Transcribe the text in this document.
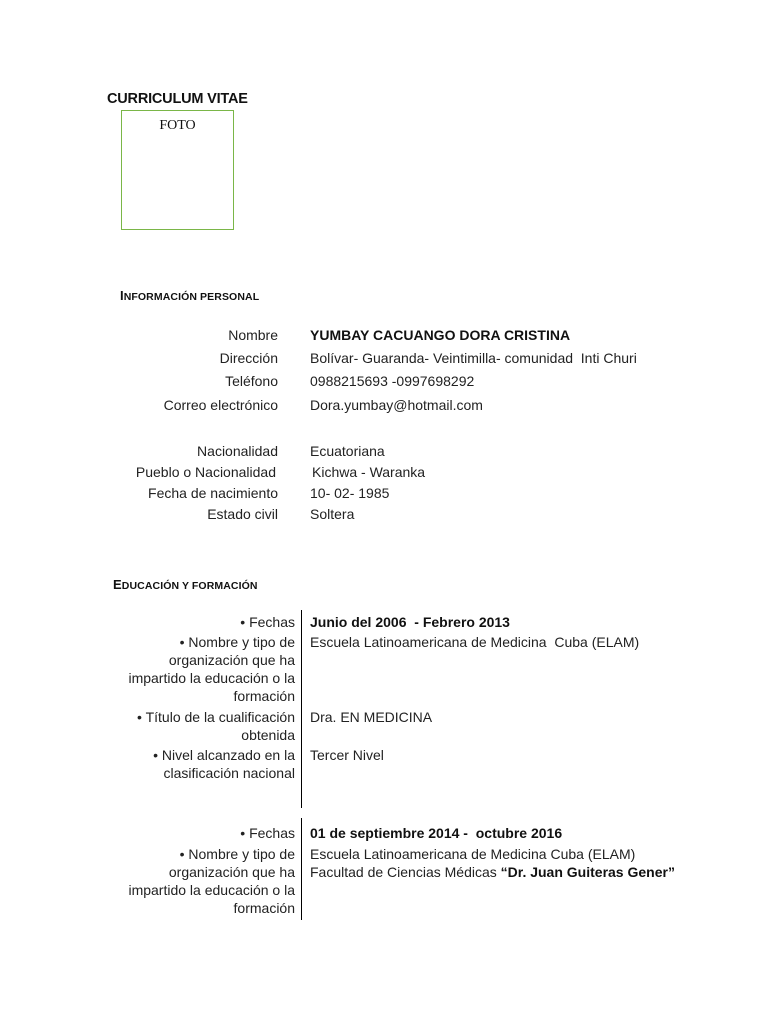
CURRICULUM VITAE
FOTO
INFORMACIÓN PERSONAL
Nombre YUMBAY CACUANGO DORA CRISTINA
Dirección Bolívar- Guaranda- Veintimilla- comunidad  Inti Churi
Teléfono 0988215693 -0997698292
Correo electrónico Dora.yumbay@hotmail.com
Nacionalidad Ecuatoriana
Pueblo o Nacionalidad	Kichwa - Waranka
Fecha de nacimiento 10- 02- 1985
Estado civil Soltera
EDUCACIÓN Y FORMACIÓN
• Fechas Junio del 2006  - Febrero 2013
• Nombre y tipo de organización que ha impartido la educación o la formación
Escuela Latinoamericana de Medicina  Cuba (ELAM)
• Título de la cualificación obtenida
Dra. EN MEDICINA
• Nivel alcanzado en la clasificación nacional
Tercer Nivel
• Fechas 01 de septiembre 2014 -  octubre 2016
• Nombre y tipo de organización que ha impartido la educación o la formación
Escuela Latinoamericana de Medicina Cuba (ELAM)
Facultad de Ciencias Médicas “Dr. Juan Guiteras Gener”
